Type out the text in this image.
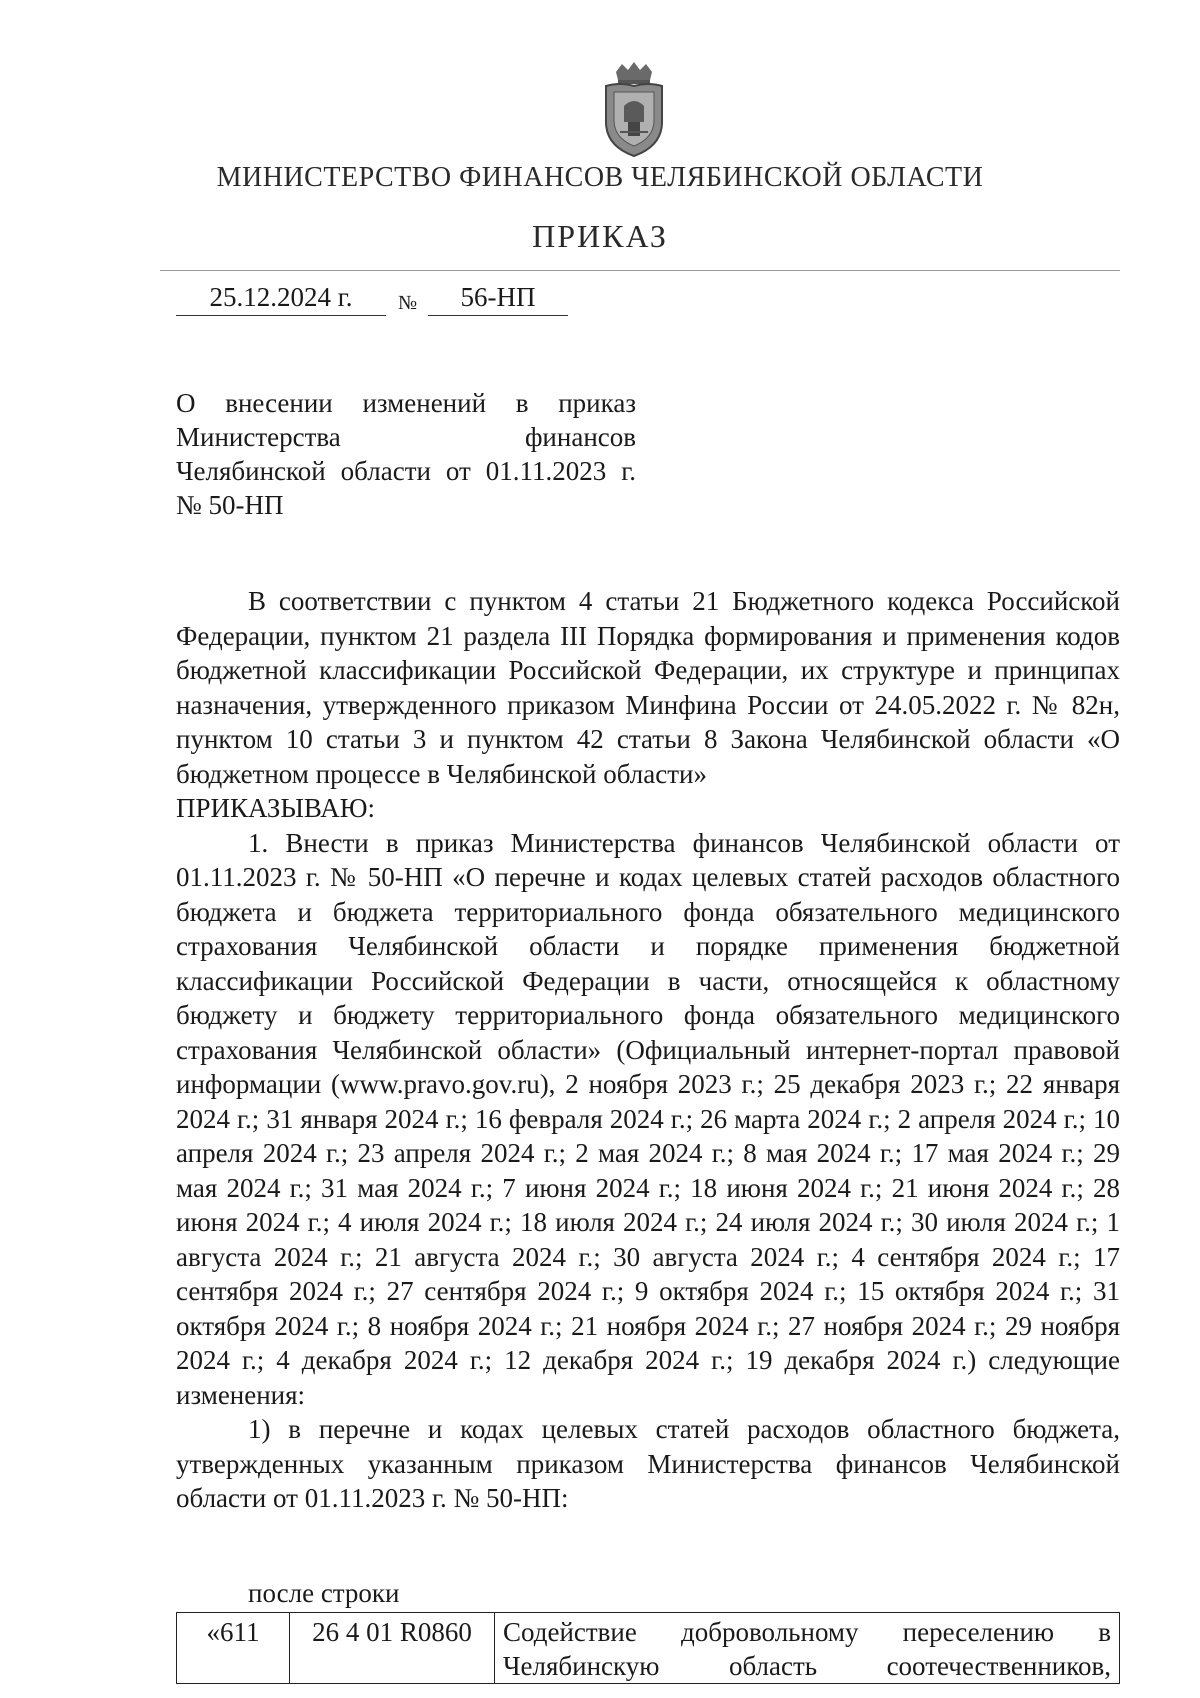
МИНИСТЕРСТВО ФИНАНСОВ ЧЕЛЯБИНСКОЙ ОБЛАСТИ
ПРИКАЗ
25.12.2024 г.	№	56-НП
О внесении изменений в приказ
Министерства финансов
Челябинской области от 01.11.2023 г.
№ 50-НП

В соответствии с пунктом 4 статьи 21 Бюджетного кодекса Российской Федерации, пунктом 21 раздела III Порядка формирования и применения кодов бюджетной классификации Российской Федерации, их структуре и принципах назначения, утвержденного приказом Минфина России от 24.05.2022 г. № 82н, пунктом 10 статьи 3 и пунктом 42 статьи 8 Закона Челябинской области «О бюджетном процессе в Челябинской области»

ПРИКАЗЫВАЮ:

1. Внести в приказ Министерства финансов Челябинской области от 01.11.2023 г. № 50-НП «О перечне и кодах целевых статей расходов областного бюджета и бюджета территориального фонда обязательного медицинского страхования Челябинской области и порядке применения бюджетной классификации Российской Федерации в части, относящейся к областному бюджету и бюджету территориального фонда обязательного медицинского страхования Челябинской области» (Официальный интернет-портал правовой информации (www.pravo.gov.ru), 2 ноября 2023 г.; 25 декабря 2023 г.; 22 января 2024 г.; 31 января 2024 г.; 16 февраля 2024 г.; 26 марта 2024 г.; 2 апреля 2024 г.; 10 апреля 2024 г.; 23 апреля 2024 г.; 2 мая 2024 г.; 8 мая 2024 г.; 17 мая 2024 г.; 29 мая 2024 г.; 31 мая 2024 г.; 7 июня 2024 г.; 18 июня 2024 г.; 21 июня 2024 г.; 28 июня 2024 г.; 4 июля 2024 г.; 18 июля 2024 г.; 24 июля 2024 г.; 30 июля 2024 г.; 1 августа 2024 г.; 21 августа 2024 г.; 30 августа 2024 г.; 4 сентября 2024 г.; 17 сентября 2024 г.; 27 сентября 2024 г.; 9 октября 2024 г.; 15 октября 2024 г.; 31 октября 2024 г.; 8 ноября 2024 г.; 21 ноября 2024 г.; 27 ноября 2024 г.; 29 ноября 2024 г.; 4 декабря 2024 г.; 12 декабря 2024 г.; 19 декабря 2024 г.) следующие изменения:

1) в перечне и кодах целевых статей расходов областного бюджета, утвержденных указанным приказом Министерства финансов Челябинской области от 01.11.2023 г. № 50-НП:

после строки
«611	26 4 01 R0860	Содействие добровольному переселению в
Челябинскую область соотечественников,
